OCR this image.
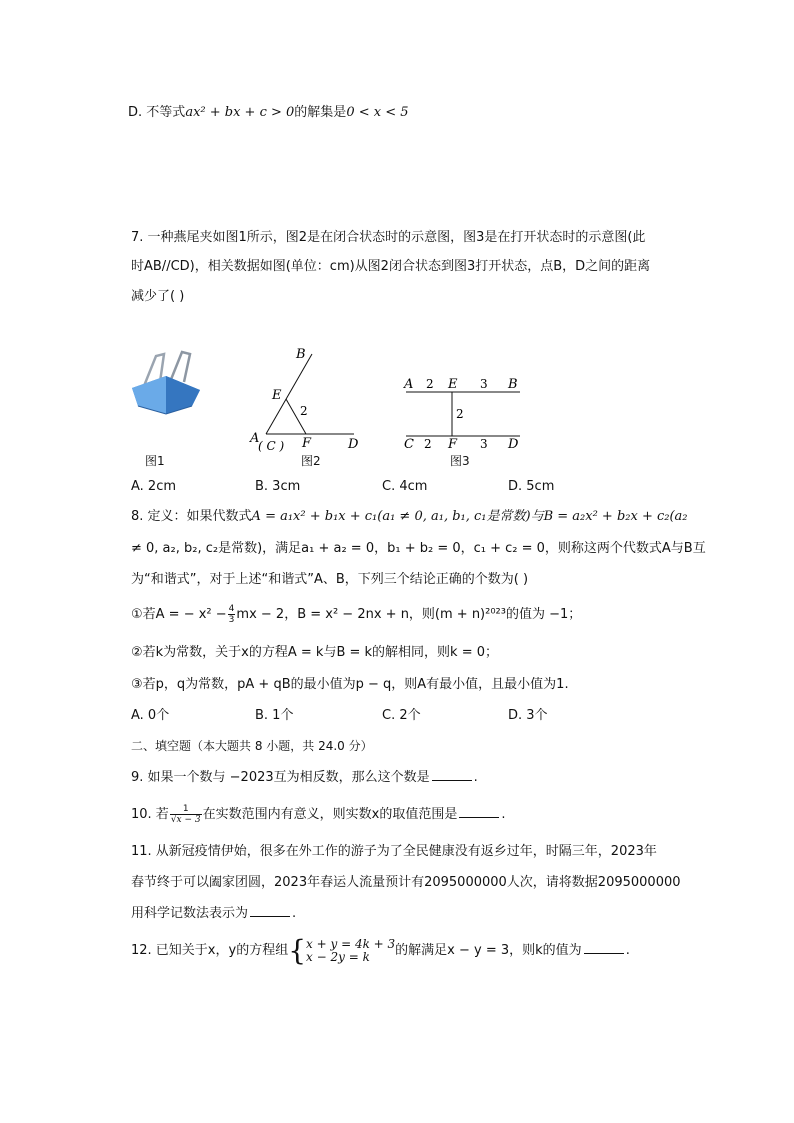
D. 不等式ax² + bx + c > 0的解集是0 < x < 5
7. 一种燕尾夹如图1所示，图2是在闭合状态时的示意图，图3是在打开状态时的示意图(此
时AB//CD)，相关数据如图(单位：cm)从图2闭合状态到图3打开状态，点B，D之间的距离
减少了( )
图1
B
E
2
A
( C ) F	D
图2
A 2 E 3 B
2
C 2 F 3 D
图3
A. 2cm	B. 3cm	C. 4cm	D. 5cm
8. 定义：如果代数式A = a₁x² + b₁x + c₁(a₁ ≠ 0, a₁, b₁, c₁是常数)与B = a₂x² + b₂x + c₂(a₂
≠ 0, a₂, b₂, c₂是常数)，满足a₁ + a₂ = 0，b₁ + b₂ = 0，c₁ + c₂ = 0，则称这两个代数式A与B互
为“和谐式”，对于上述“和谐式”A、B，下列三个结论正确的个数为( )
①若A = − $x^2 - \frac{4}{3}$ mx − 2，B = x² − 2nx + n，则(m + n)²⁰²³的值为 −1；
②若k为常数，关于x的方程A = k与B = k的解相同，则k = 0；
③若p，q为常数，pA + qB的最小值为p − q，则A有最小值，且最小值为1.
A. 0个	B. 1个	C. 2个	D. 3个
二、填空题（本大题共 8 小题，共 24.0 分）
9. 如果一个数与 −2023互为相反数，那么这个数是	.
10. 若 $\frac{1}{√x - 3}$ 在实数范围内有意义，则实数x的取值范围是	.
11. 从新冠疫情伊始，很多在外工作的游子为了全民健康没有返乡过年，时隔三年，2023年
春节终于可以阖家团圆，2023年春运人流量预计有2095000000人次，请将数据2095000000
用科学记数法表示为	.
12. 已知关于x，y的方程组{ x + y = 4k + 3
x − 2y = k	的解满足x − y = 3，则k的值为	.
